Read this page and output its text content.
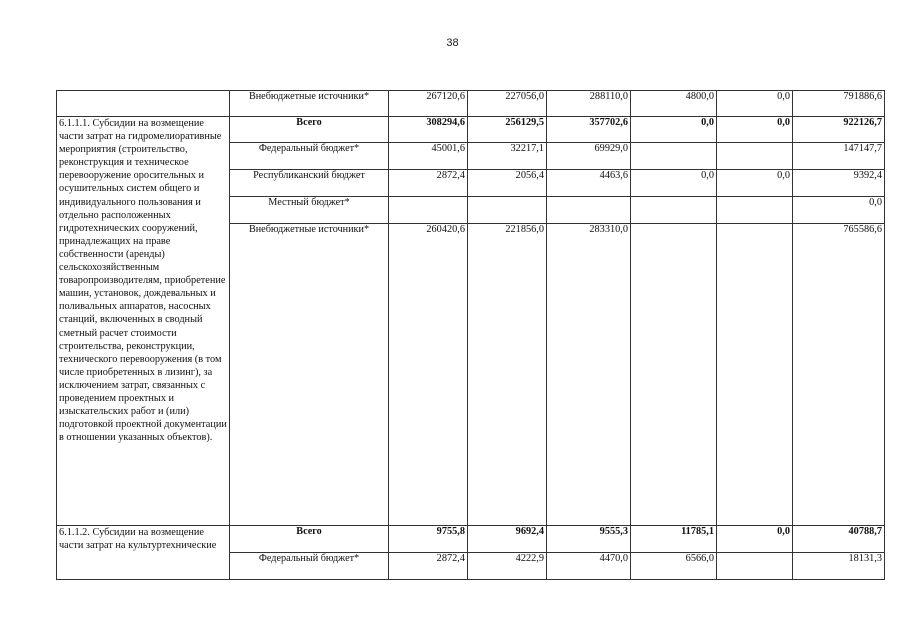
38
	Внебюджетные источники*	267120,6	227056,0	288110,0	4800,0	0,0	791886,6
6.1.1.1. Субсидии на возмещение части затрат на гидромелиоративные мероприятия (строительство, реконструкция и техническое перевооружение оросительных и осушительных систем общего и индивидуального пользования и отдельно расположенных гидротехнических сооружений, принадлежащих на праве собственности (аренды) сельскохозяйственным товаропроизводителям, приобретение машин, установок, дождевальных и поливальных аппаратов, насосных станций, включенных в сводный сметный расчет стоимости строительства, реконструкции, технического перевооружения (в том числе приобретенных в лизинг), за исключением затрат, связанных с проведением проектных и изыскательских работ и (или) подготовкой проектной документации в отношении указанных объектов).	Всего	308294,6	256129,5	357702,6	0,0	0,0	922126,7
	Федеральный бюджет*	45001,6	32217,1	69929,0			147147,7
	Республиканский бюджет	2872,4	2056,4	4463,6	0,0	0,0	9392,4
	Местный бюджет*						0,0
	Внебюджетные источники*	260420,6	221856,0	283310,0			765586,6
6.1.1.2. Субсидии на возмещение части затрат на культуртехнические	Всего	9755,8	9692,4	9555,3	11785,1	0,0	40788,7
	Федеральный бюджет*	2872,4	4222,9	4470,0	6566,0		18131,3
